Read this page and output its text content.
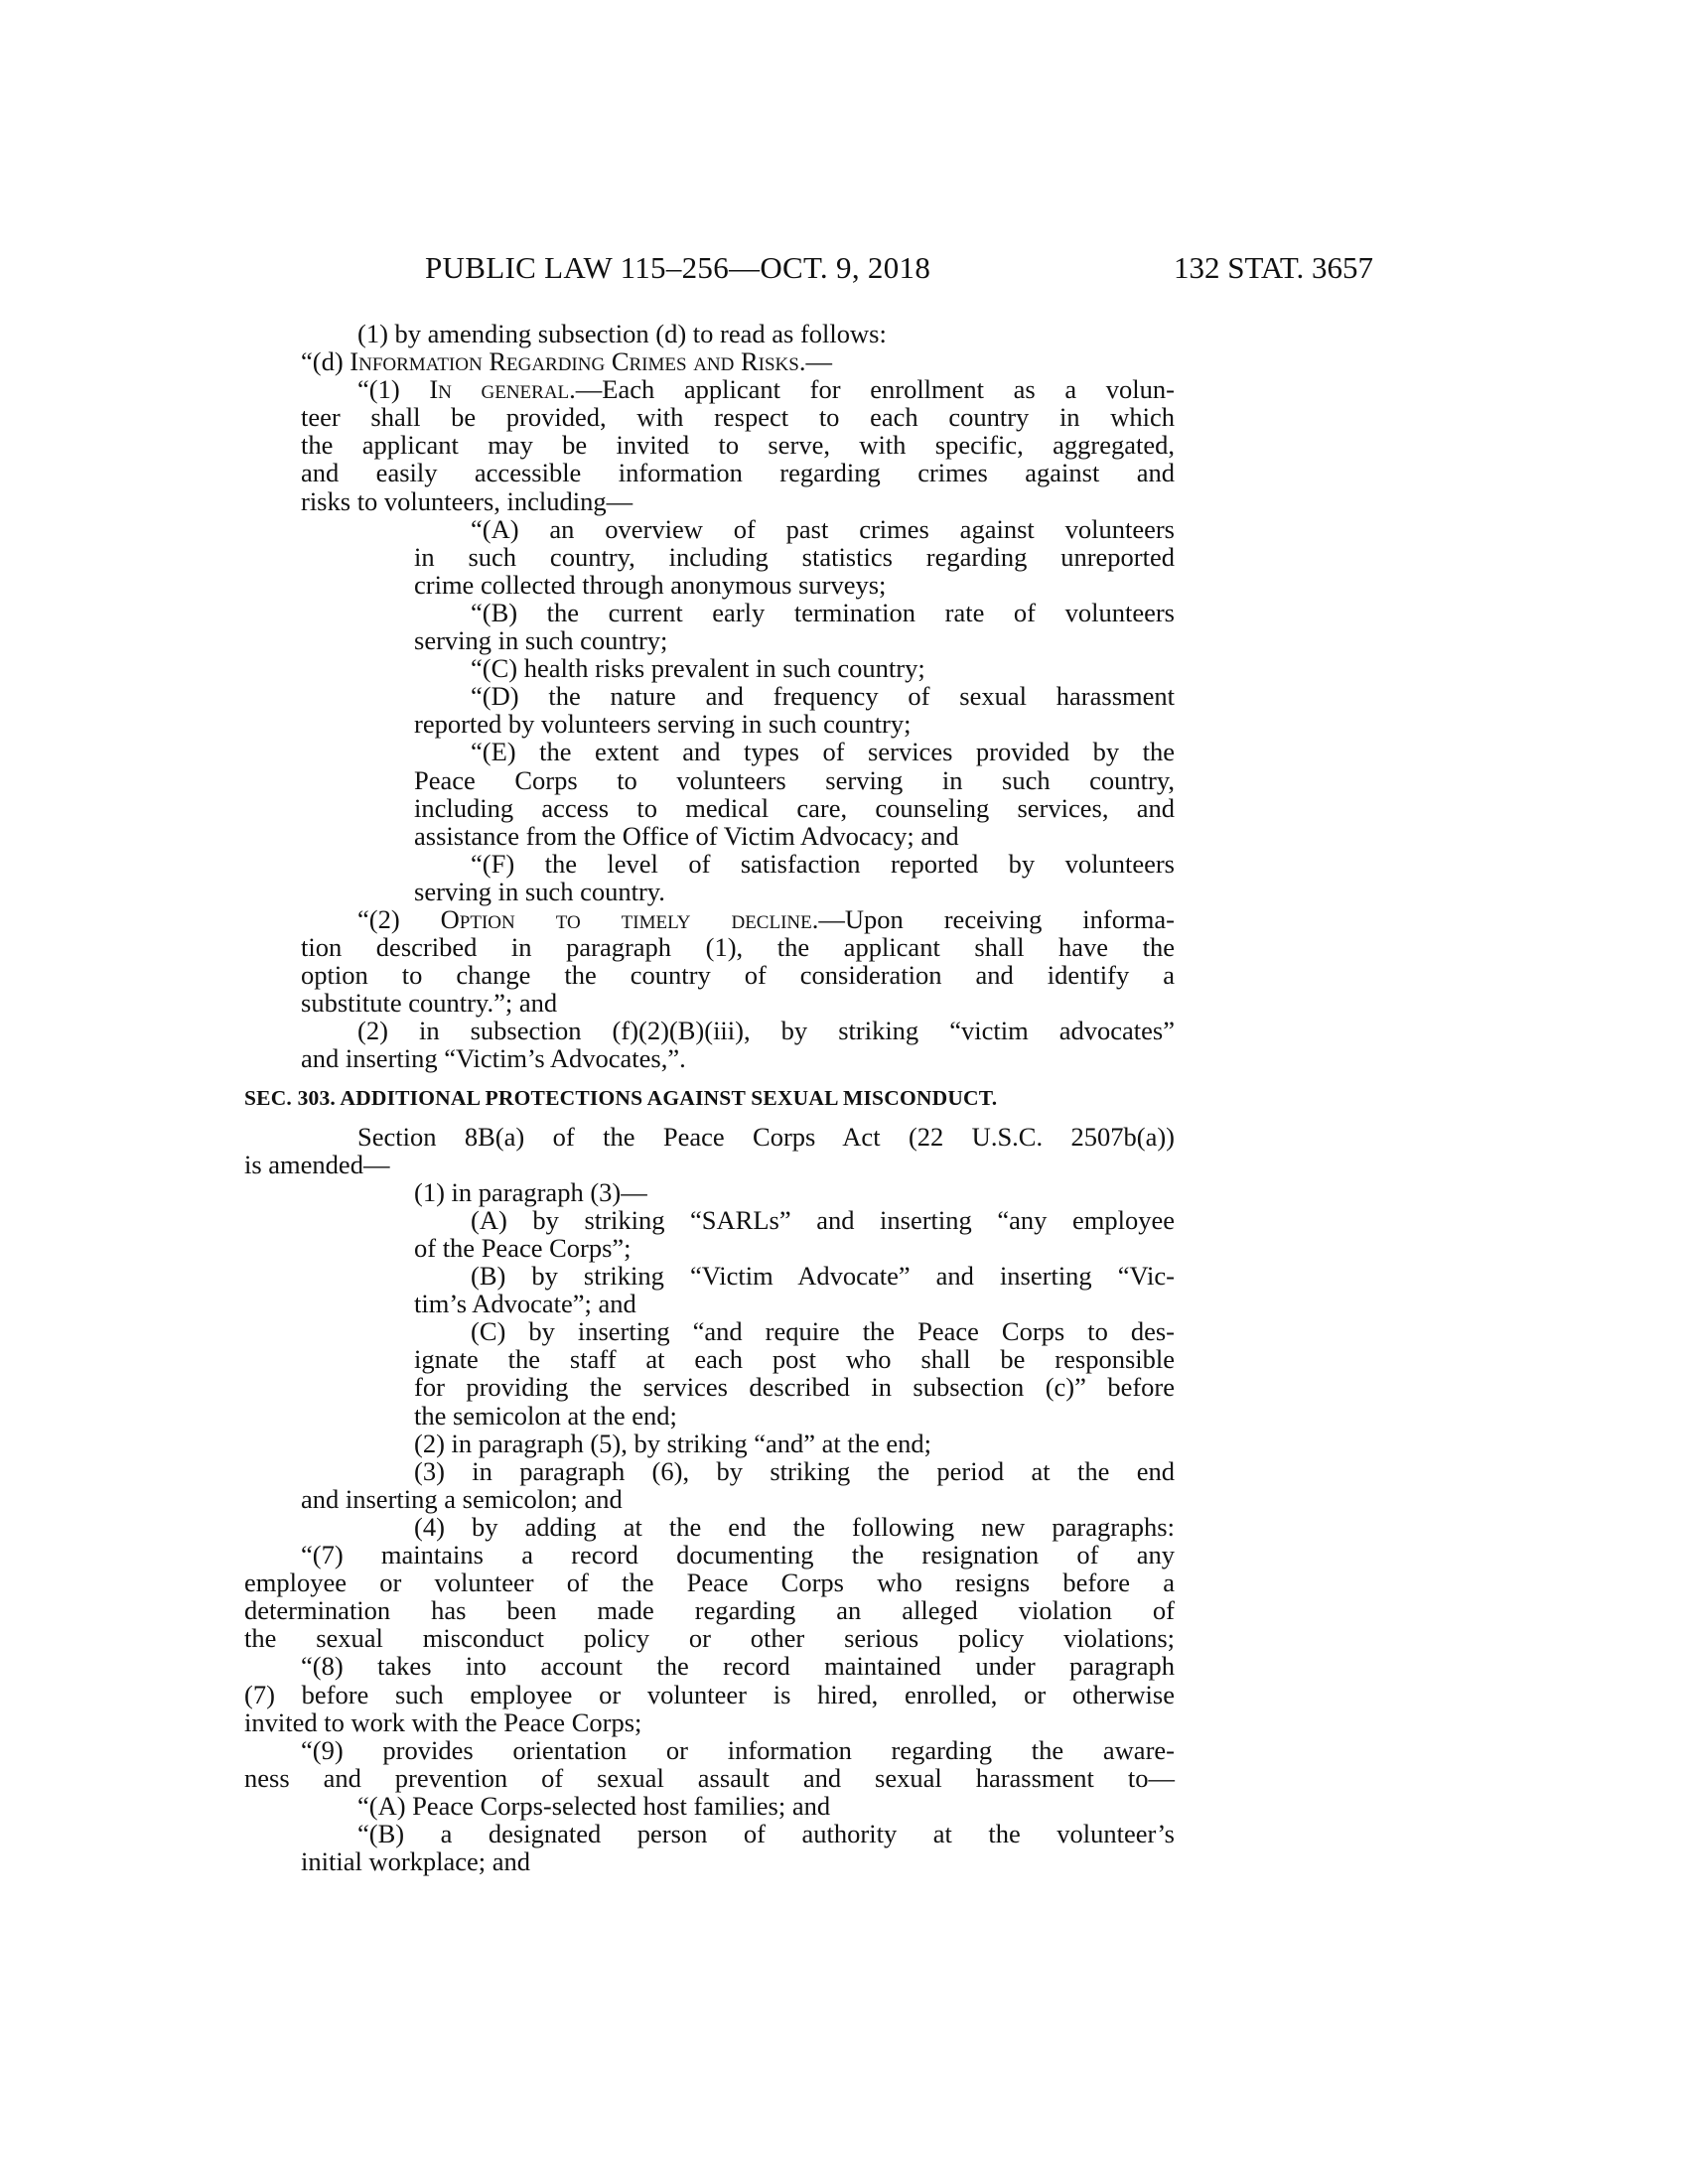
PUBLIC LAW 115–256—OCT. 9, 2018	132 STAT. 3657
(1) by amending subsection (d) to read as follows:
“(d) Information Regarding Crimes and Risks.—
“(1) In general.—Each applicant for enrollment as a volun-
teer shall be provided, with respect to each country in which
the applicant may be invited to serve, with specific, aggregated,
and easily accessible information regarding crimes against and
risks to volunteers, including—
“(A) an overview of past crimes against volunteers
in such country, including statistics regarding unreported
crime collected through anonymous surveys;
“(B) the current early termination rate of volunteers
serving in such country;
“(C) health risks prevalent in such country;
“(D) the nature and frequency of sexual harassment
reported by volunteers serving in such country;
“(E) the extent and types of services provided by the
Peace Corps to volunteers serving in such country,
including access to medical care, counseling services, and
assistance from the Office of Victim Advocacy; and
“(F) the level of satisfaction reported by volunteers
serving in such country.
“(2) Option to timely decline.—Upon receiving informa-
tion described in paragraph (1), the applicant shall have the
option to change the country of consideration and identify a
substitute country.”; and
(2) in subsection (f)(2)(B)(iii), by striking “victim advocates”
and inserting “Victim’s Advocates,”.
SEC. 303. ADDITIONAL PROTECTIONS AGAINST SEXUAL MISCONDUCT.
Section 8B(a) of the Peace Corps Act (22 U.S.C. 2507b(a))
is amended—
(1) in paragraph (3)—
(A) by striking “SARLs” and inserting “any employee
of the Peace Corps”;
(B) by striking “Victim Advocate” and inserting “Vic-
tim’s Advocate”; and
(C) by inserting “and require the Peace Corps to des-
ignate the staff at each post who shall be responsible
for providing the services described in subsection (c)” before
the semicolon at the end;
(2) in paragraph (5), by striking “and” at the end;
(3) in paragraph (6), by striking the period at the end
and inserting a semicolon; and
(4) by adding at the end the following new paragraphs:
“(7) maintains a record documenting the resignation of any
employee or volunteer of the Peace Corps who resigns before a
determination has been made regarding an alleged violation of
the sexual misconduct policy or other serious policy violations;
“(8) takes into account the record maintained under paragraph
(7) before such employee or volunteer is hired, enrolled, or otherwise
invited to work with the Peace Corps;
“(9) provides orientation or information regarding the aware-
ness and prevention of sexual assault and sexual harassment to—
“(A) Peace Corps-selected host families; and
“(B) a designated person of authority at the volunteer’s
initial workplace; and
